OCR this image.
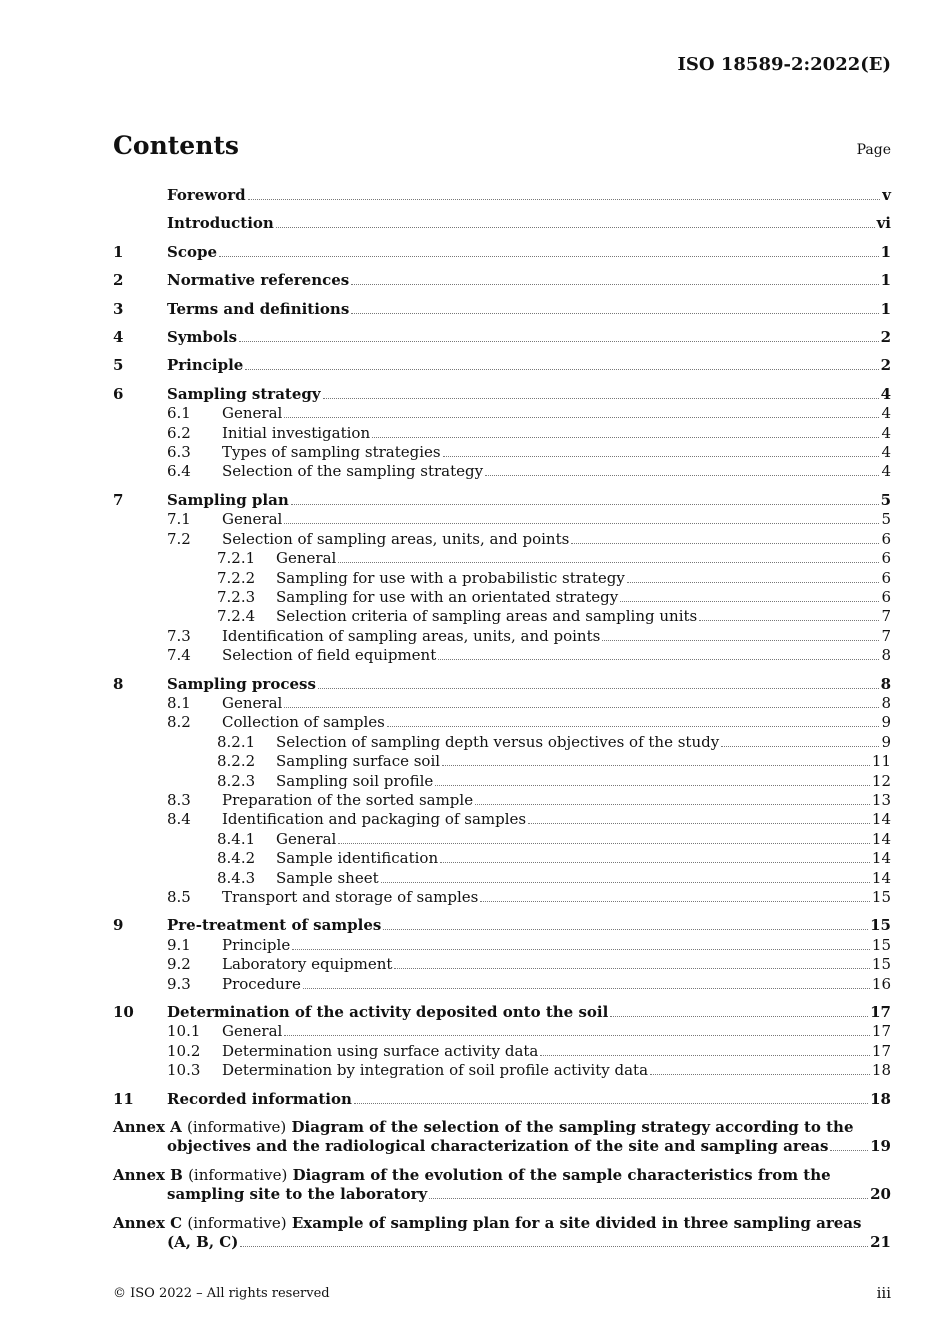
ISO 18589-2:2022(E)
Contents	Page
Foreword	v
Introduction	vi
1	Scope	1
2	Normative references	1
3	Terms and definitions	1
4	Symbols	2
5	Principle	2
6	Sampling strategy	4
6.1	General	4
6.2	Initial investigation	4
6.3	Types of sampling strategies	4
6.4	Selection of the sampling strategy	4
7	Sampling plan	5
7.1	General	5
7.2	Selection of sampling areas, units, and points	6
7.2.1	General	6
7.2.2	Sampling for use with a probabilistic strategy	6
7.2.3	Sampling for use with an orientated strategy	6
7.2.4	Selection criteria of sampling areas and sampling units	7
7.3	Identification of sampling areas, units, and points	7
7.4	Selection of field equipment	8
8	Sampling process	8
8.1	General	8
8.2	Collection of samples	9
8.2.1	Selection of sampling depth versus objectives of the study	9
8.2.2	Sampling surface soil	11
8.2.3	Sampling soil profile	12
8.3	Preparation of the sorted sample	13
8.4	Identification and packaging of samples	14
8.4.1	General	14
8.4.2	Sample identification	14
8.4.3	Sample sheet	14
8.5	Transport and storage of samples	15
9	Pre-treatment of samples	15
9.1	Principle	15
9.2	Laboratory equipment	15
9.3	Procedure	16
10	Determination of the activity deposited onto the soil	17
10.1	General	17
10.2	Determination using surface activity data	17
10.3	Determination by integration of soil profile activity data	18
11	Recorded information	18
Annex A (informative) Diagram of the selection of the sampling strategy according to the
objectives and the radiological characterization of the site and sampling areas	19
Annex B (informative) Diagram of the evolution of the sample characteristics from the
sampling site to the laboratory	20
Annex C (informative) Example of sampling plan for a site divided in three sampling areas
(A, B, C)	21
© ISO 2022 – All rights reserved	iii
